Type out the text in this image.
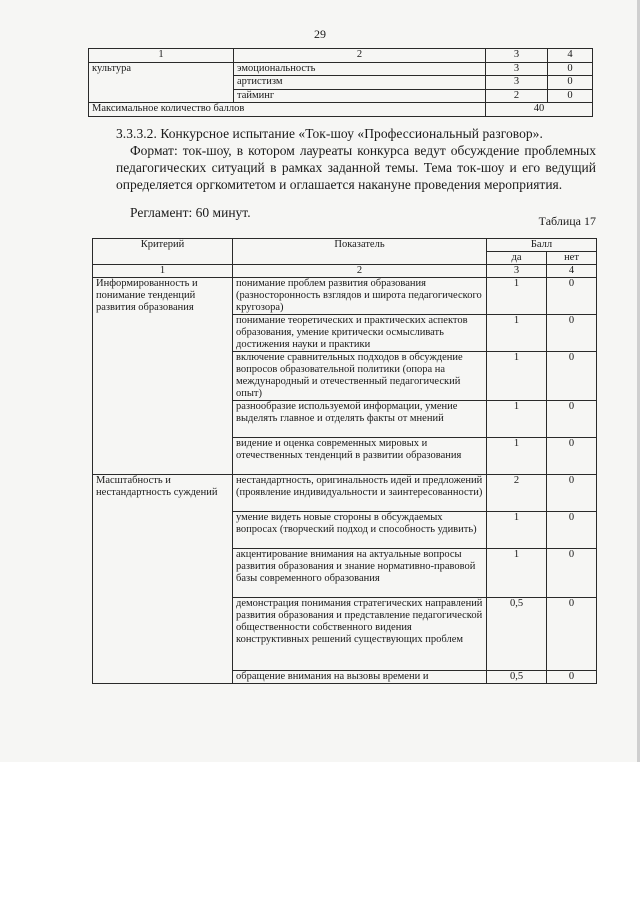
29
1	2	3	4
культура	эмоциональность	3	0
	артистизм	3	0
	тайминг	2	0
Максимальное количество баллов		40	
3.3.3.2. Конкурсное испытание «Ток-шоу «Профессиональный разговор».
Формат: ток-шоу, в котором лауреаты конкурса ведут обсуждение проблемных педагогических ситуаций в рамках заданной темы. Тема ток-шоу и его ведущий определяется оргкомитетом и оглашается накануне проведения мероприятия.
Регламент: 60 минут.
Таблица 17
Критерий	Показатель	Балл	
		да	нет
1	2	3	4
Информированность и понимание тенденций развития образования	понимание проблем развития образования (разносторонность взглядов и широта педагогического кругозора)	1	0
	понимание теоретических и практических аспектов образования, умение критически осмысливать достижения науки и практики	1	0
	включение сравнительных подходов в обсуждение вопросов образовательной политики (опора на международный и отечественный педагогический опыт)	1	0
	разнообразие используемой информации, умение выделять главное и отделять факты от мнений	1	0
	видение и оценка современных мировых и отечественных тенденций в развитии образования	1	0
Масштабность и нестандартность суждений	нестандартность, оригинальность идей и предложений (проявление индивидуальности и заинтересованности)	2	0
	умение видеть новые стороны в обсуждаемых вопросах (творческий подход и способность удивить)	1	0
	акцентирование внимания на актуальные вопросы развития образования и знание нормативно-правовой базы современного образования	1	0
	демонстрация понимания стратегических направлений развития образования и представление педагогической общественности собственного видения конструктивных решений существующих проблем	0,5	0
	обращение внимания на вызовы времени и	0,5	0
